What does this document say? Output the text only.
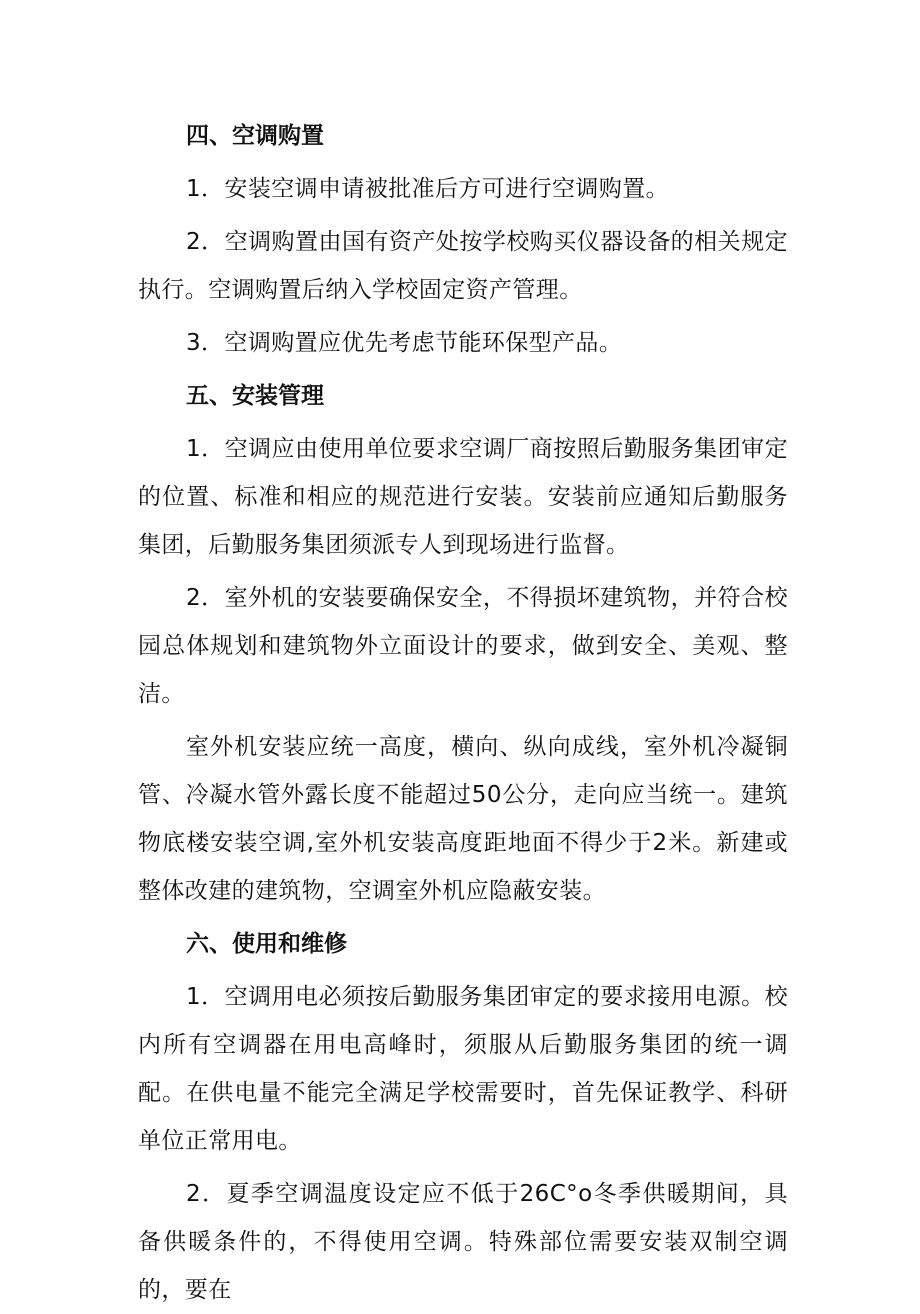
四、空调购置

1．安装空调申请被批准后方可进行空调购置。

2．空调购置由国有资产处按学校购买仪器设备的相关规定执行。空调购置后纳入学校固定资产管理。

3．空调购置应优先考虑节能环保型产品。

五、安装管理

1．空调应由使用单位要求空调厂商按照后勤服务集团审定的位置、标准和相应的规范进行安装。安装前应通知后勤服务集团，后勤服务集团须派专人到现场进行监督。

2．室外机的安装要确保安全，不得损坏建筑物，并符合校园总体规划和建筑物外立面设计的要求，做到安全、美观、整洁。

室外机安装应统一高度，横向、纵向成线，室外机冷凝铜管、冷凝水管外露长度不能超过50公分，走向应当统一。建筑物底楼安装空调,室外机安装高度距地面不得少于2米。新建或整体改建的建筑物，空调室外机应隐蔽安装。

六、使用和维修

1．空调用电必须按后勤服务集团审定的要求接用电源。校内所有空调器在用电高峰时，须服从后勤服务集团的统一调配。在供电量不能完全满足学校需要时，首先保证教学、科研单位正常用电。

2．夏季空调温度设定应不低于26C°o冬季供暖期间，具备供暖条件的，不得使用空调。特殊部位需要安装双制空调的，要在
